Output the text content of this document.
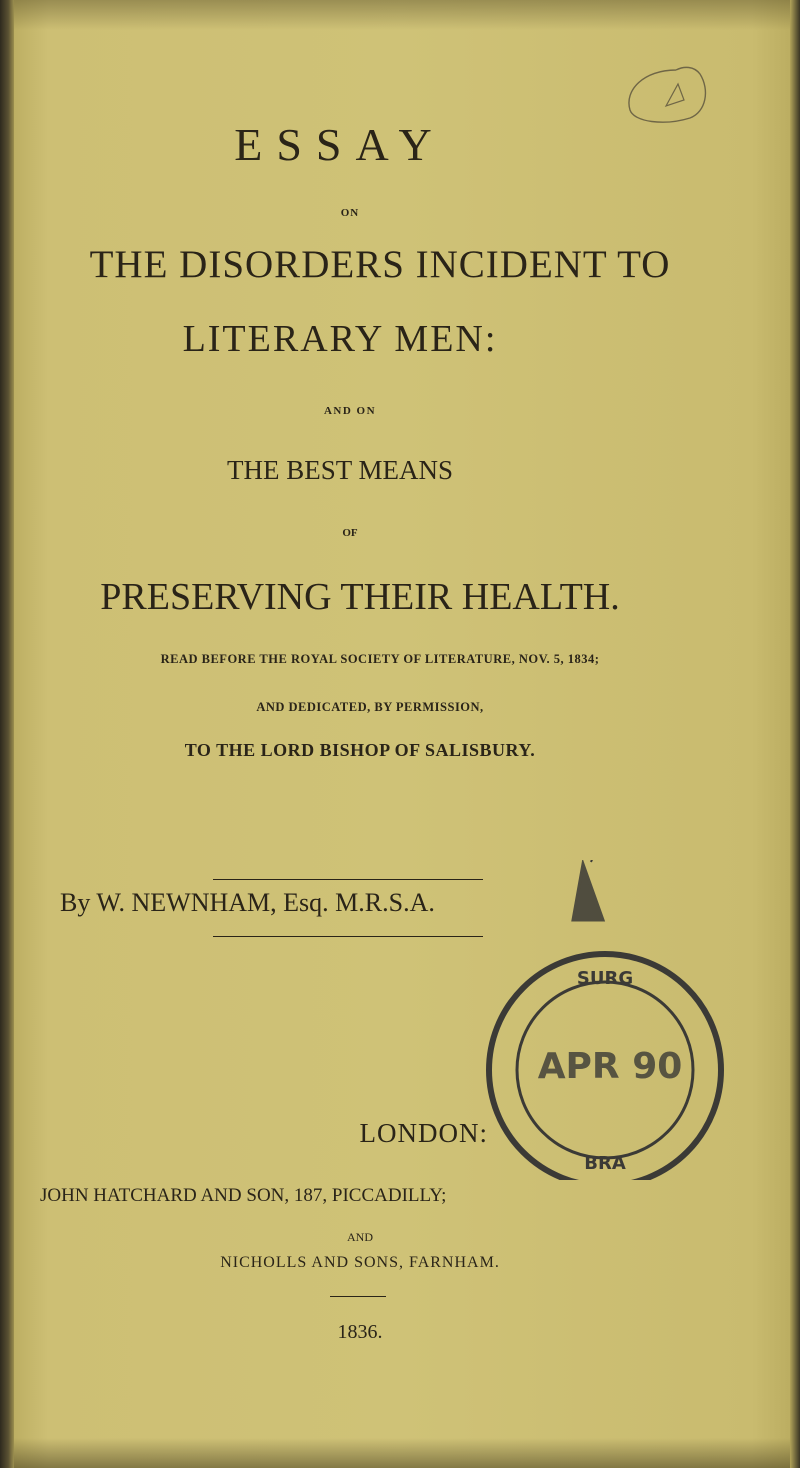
ESSAY
ON
THE DISORDERS INCIDENT TO
LITERARY MEN:
AND ON
THE BEST MEANS
OF
PRESERVING THEIR HEALTH.
READ BEFORE THE ROYAL SOCIETY OF LITERATURE, NOV. 5, 1834;
AND DEDICATED, BY PERMISSION,
TO THE LORD BISHOP OF SALISBURY.
By W. NEWNHAM, Esq. M.R.S.A.
SURG
APR 90
BRA
LONDON:
JOHN HATCHARD AND SON, 187, PICCADILLY;
AND
NICHOLLS AND SONS, FARNHAM.
1836.
